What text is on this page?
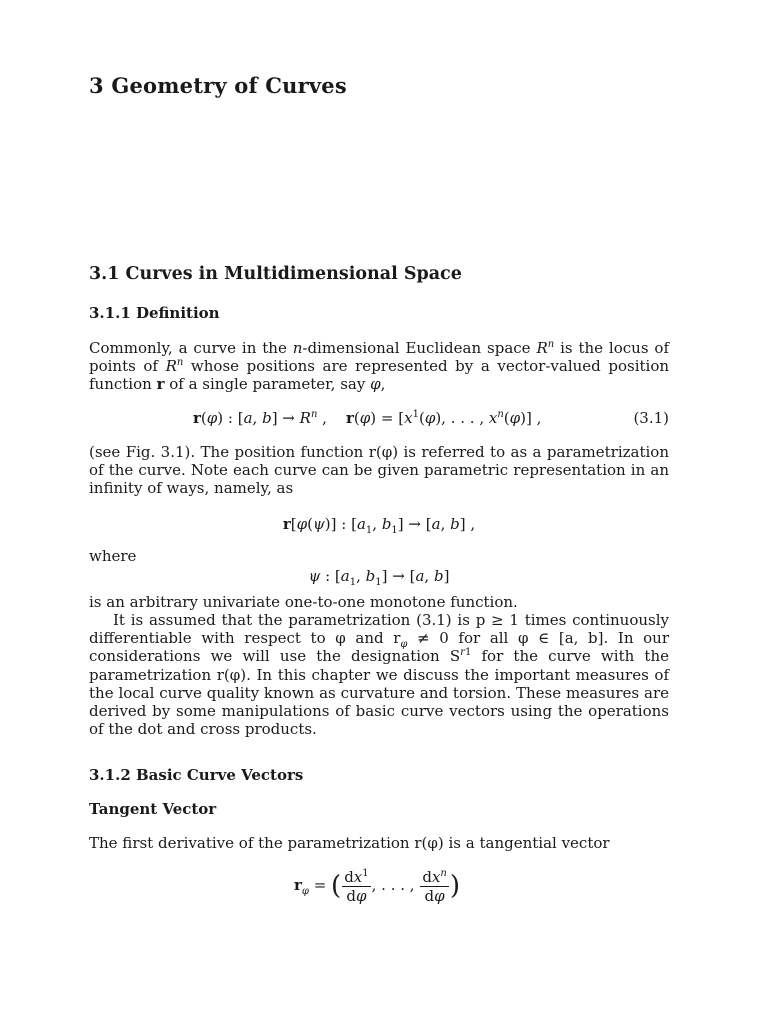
3 Geometry of Curves
3.1 Curves in Multidimensional Space
3.1.1 Definition

Commonly, a curve in the n-dimensional Euclidean space $R^n$ is the locus of points of $R^n$ whose positions are represented by a vector-valued position function r of a single parameter, say φ,

r(φ) : [a, $b] \to R^n$ ,    $r(\varphi) = [x^1(\varphi)$, . . . , $x^n(\varphi)$] ,	(3.1)

(see Fig. 3.1). The position function r(φ) is referred to as a parametrization of the curve. Note each curve can be given parametric representation in an infinity of ways, namely, as

r[φ(ψ)] : [$a_1$, $b_1] \to [a$, b] ,
where
ψ : [$a_1$, $b_1] \to [a$, b]
is an arbitrary univariate one-to-one monotone function.

It is assumed that the parametrization (3.1) is p ≥ 1 times continuously differentiable with respect to φ and $r_\varphi \ne 0$ for all φ ∈ [a, b]. In our considerations we will use the designation $S^{r1}$ for the curve with the parametrization r(φ). In this chapter we discuss the important measures of the local curve quality known as curvature and torsion. These measures are derived by some manipulations of basic curve vectors using the operations of the dot and cross products.

3.1.2 Basic Curve Vectors
Tangent Vector
The first derivative of the parametrization r(φ) is a tangential vector
$r_\varphi$ = ( $\frac{dx^1}{d\varphi}$ , . . . , $\frac{dx^n}{d\varphi}$ )
